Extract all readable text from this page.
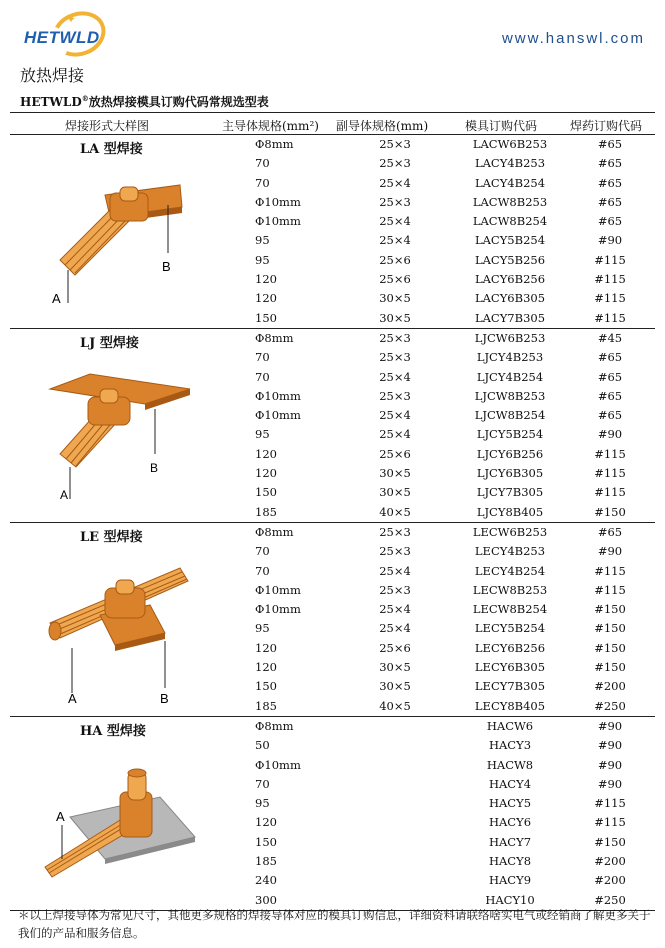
✦
HETWLD	www.hanswl.com
放热焊接
HETWLD®放热焊接模具订购代码常规选型表
焊接形式大样图	主导体规格(mm²) 副导体规格(mm)	模具订购代码	焊药订购代码
LA 型焊接
A
B
Φ8mm	25×3	LACW6B253	#65
70	25×3	LACY4B253	#65
70	25×4	LACY4B254	#65
Φ10mm	25×3	LACW8B253	#65
Φ10mm	25×4	LACW8B254	#65
95	25×4	LACY5B254	#90
95	25×6	LACY5B256	#115
120	25×6	LACY6B256	#115
120	30×5	LACY6B305	#115
150	30×5	LACY7B305	#115
LJ 型焊接
A
B
Φ8mm	25×3	LJCW6B253	#45
70	25×3	LJCY4B253	#65
70	25×4	LJCY4B254	#65
Φ10mm	25×3	LJCW8B253	#65
Φ10mm	25×4	LJCW8B254	#65
95	25×4	LJCY5B254	#90
120	25×6	LJCY6B256	#115
120	30×5	LJCY6B305	#115
150	30×5	LJCY7B305	#115
185	40×5	LJCY8B405	#150
LE 型焊接
A	B
Φ8mm	25×3	LECW6B253	#65
70	25×3	LECY4B253	#90
70	25×4	LECY4B254	#115
Φ10mm	25×3	LECW8B253	#115
Φ10mm	25×4	LECW8B254	#150
95	25×4	LECY5B254	#150
120	25×6	LECY6B256	#150
120	30×5	LECY6B305	#150
150	30×5	LECY7B305	#200
185	40×5	LECY8B405	#250
HA 型焊接
A
Φ8mm	HACW6	#90
50	HACY3	#90
Φ10mm	HACW8	#90
70	HACY4	#90
95	HACY5	#115
120	HACY6	#115
150	HACY7	#150
185	HACY8	#200
240	HACY9	#200
300	HACY10	#250
＊以上焊接导体为常见尺寸，其他更多规格的焊接导体对应的模具订购信息，详细资料请联络啥实电气或经销商了解更多关于我们的产品和服务信息。
